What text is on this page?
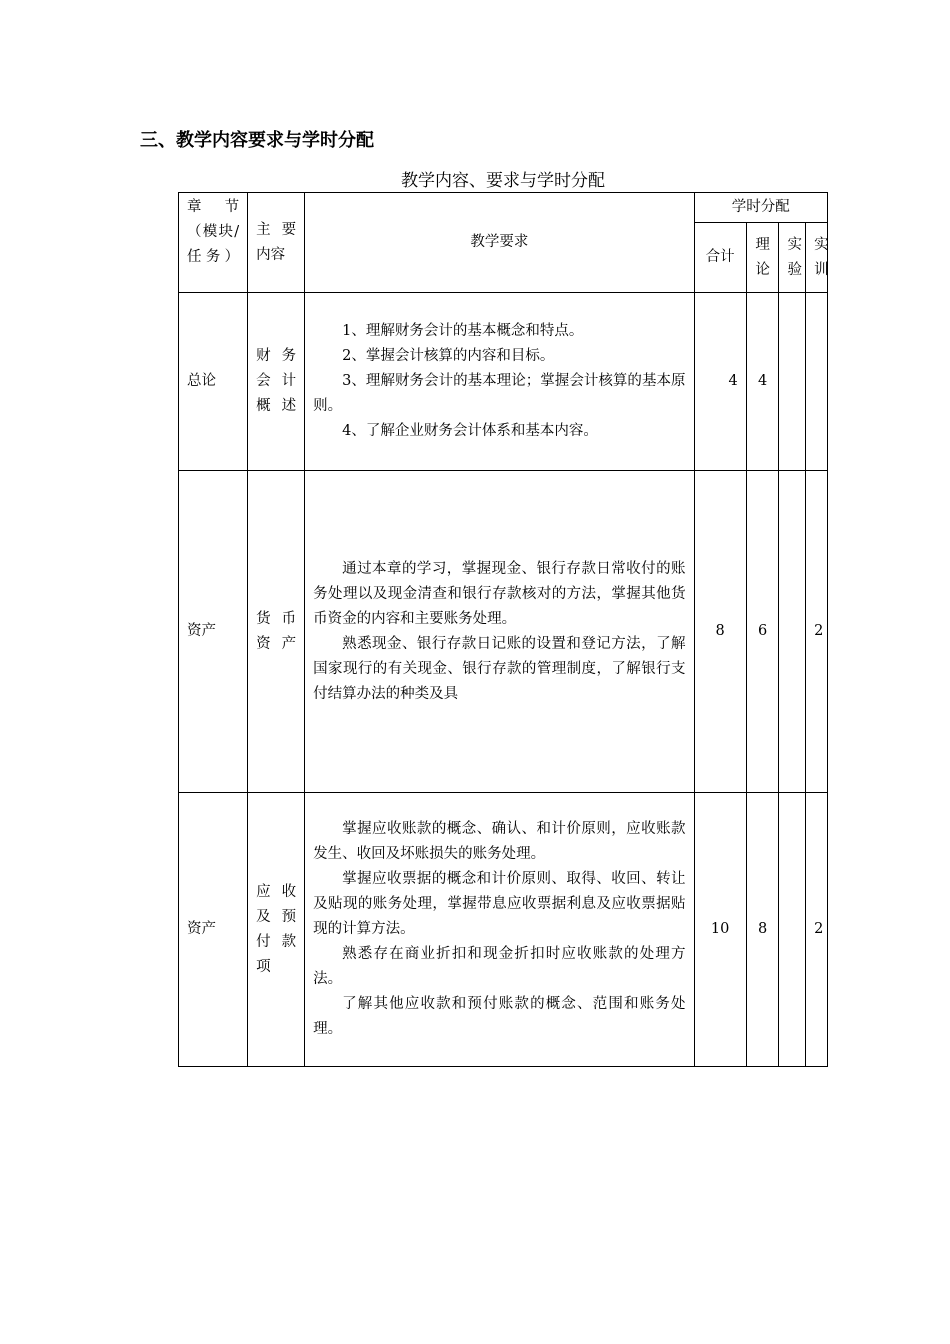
三、教学内容要求与学时分配
教学内容、要求与学时分配
章 节（模块/ 任务）	主 要内容	教学要求	学时分配			
			合计	理论	实验	实训
总论	财 务会 计概述	1、理解财务会计的基本概念和特点。

2、掌握会计核算的内容和目标。

3、理解财务会计的基本理论；掌握会计核算的基本原则。

4、了解企业财务会计体系和基本内容。	4	4		
资产	货 币资产	通过本章的学习，掌握现金、银行存款日常收付的账务处理以及现金清查和银行存款核对的方法，掌握其他货币资金的内容和主要账务处理。

熟悉现金、银行存款日记账的设置和登记方法，了解国家现行的有关现金、银行存款的管理制度，了解银行支付结算办法的种类及具	8	6		2
资产	应 收及 预付 款项	掌握应收账款的概念、确认、和计价原则，应收账款发生、收回及坏账损失的账务处理。

掌握应收票据的概念和计价原则、取得、收回、转让及贴现的账务处理，掌握带息应收票据利息及应收票据贴现的计算方法。

熟悉存在商业折扣和现金折扣时应收账款的处理方法。

了解其他应收款和预付账款的概念、范围和账务处理。	10	8		2
